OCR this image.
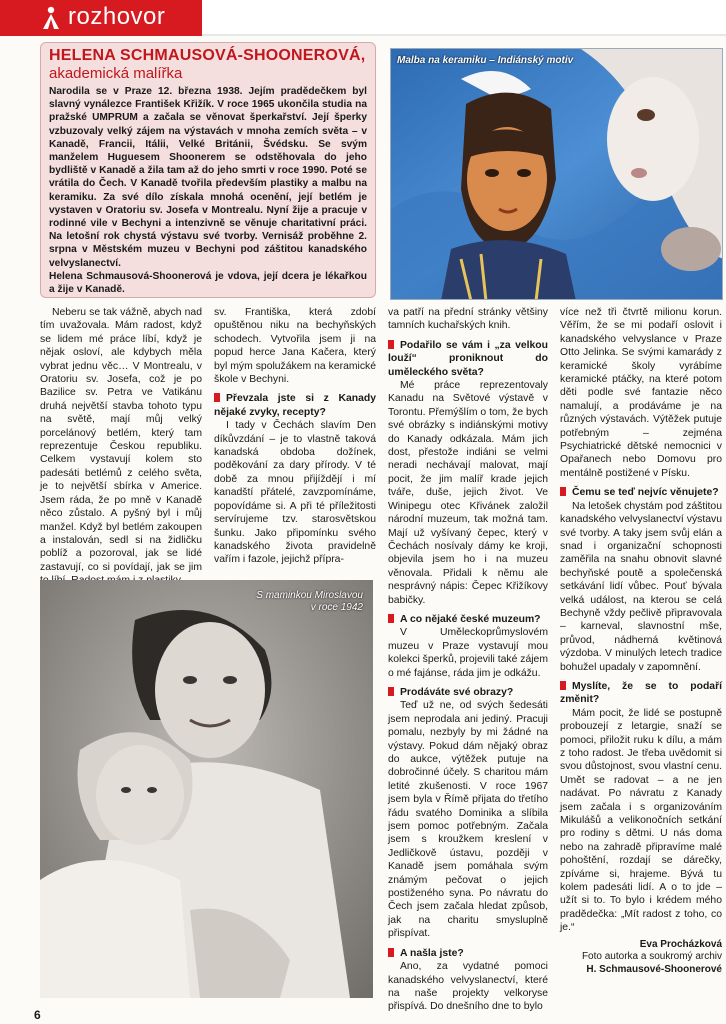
rozhovor
HELENA SCHMAUSOVÁ-SHOONEROVÁ,
akademická malířka

Narodila se v Praze 12. března 1938. Jejím pradědečkem byl slavný vynálezce František Křižík. V roce 1965 ukončila studia na pražské UMPRUM a začala se věnovat šperkařství. Její šperky vzbuzovaly velký zájem na výstavách v mnoha zemích světa – v Kanadě, Francii, Itálii, Velké Británii, Švédsku. Se svým manželem Huguesem Shoonerem se odstěhovala do jeho bydliště v Kanadě a žila tam až do jeho smrti v roce 1990. Poté se vrátila do Čech. V Kanadě tvořila především plastiky a malbu na keramiku. Za své dílo získala mnohá ocenění, její betlém je vystaven v Oratoriu sv. Josefa v Montrealu. Nyní žije a pracuje v rodinné vile v Bechyni a intenzivně se věnuje charitativní práci. Na letošní rok chystá výstavu své tvorby. Vernisáž proběhne 2. srpna v Městském muzeu v Bechyni pod záštitou kanadského velvyslanectví.

Helena Schmausová-Shoonerová je vdova, její dcera je lékařkou a žije v Kanadě.

Malba na keramiku – Indiánský motiv

Neberu se tak vážně, abych nad tím uvažovala. Mám radost, když se lidem mé práce líbí, když je nějak osloví, ale kdybych měla vybrat jednu věc… V Montrealu, v Oratoriu sv. Josefa, což je po Bazilice sv. Petra ve Vatikánu druhá největší stavba tohoto typu na světě, mají můj velký porcelánový betlém, který tam reprezentuje Českou republiku. Celkem vystavují kolem sto padesáti betlémů z celého světa, je to největší sbírka v Americe. Jsem ráda, že po mně v Kanadě něco zůstalo. A pyšný byl i můj manžel. Když byl betlém zakoupen a instalován, sedl si na židličku poblíž a pozoroval, jak se lidé zastavují, co si povídají, jak se jim

sv. Františka, která zdobí opuštěnou niku na bechyňských schodech. Vytvořila jsem ji na popud herce Jana Kačera, který byl mým spolužákem na keramické škole v Bechyni.

Převzala jste si z Kanady nějaké zvyky, recepty?

I tady v Čechách slavím Den díkůvzdání – je to vlastně taková kanadská obdoba dožínek, poděkování za dary přírody. V té době za mnou přijíždějí i mí kanadští přátelé, zavzpomínáme, popovídáme si. A při té příležitosti servírujeme tzv. starosvětskou šunku. Jako připomínku svého kanadského života pravidelně vařím i fazole, jejichž přípra-

S maminkou Miroslavou
v roce 1942

va patří na přední stránky většiny tamních kuchařských knih.

Podařilo se vám i „za velkou louží“ proniknout do uměleckého světa?

Mé práce reprezentovaly Kanadu na Světové výstavě v Torontu. Přemýšlím o tom, že bych své obrázky s indiánskými motivy do Kanady odkázala. Mám jich dost, přestože indiáni se velmi neradi nechávají malovat, mají pocit, že jim malíř krade jejich tváře, duše, jejich život. Ve Winipegu otec Křivánek založil národní muzeum, tak možná tam. Mají už vyšívaný čepec, který v Čechách nosívaly dámy ke kroji, objevila jsem ho i na muzeu věnovala. Přidali k němu ale nesprávný nápis: Čepec Křižíkovy babičky.

A co nějaké české muzeum?

V Uměleckoprůmyslovém muzeu v Praze vystavují mou kolekci šperků, projevili také zájem o mé fajánse, ráda jim je odkážu.

Prodáváte své obrazy?

Teď už ne, od svých šedesáti jsem neprodala ani jediný. Pracuji pomalu, nezbyly by mi žádné na výstavy. Pokud dám nějaký obraz do aukce, výtěžek putuje na dobročinné účely. S charitou mám letité zkušenosti. V roce 1967 jsem byla v Římě přijata do třetího řádu svatého Dominika a slíbila jsem pomoc potřebným. Začala jsem s kroužkem kreslení v Jedličkově ústavu, později v Kanadě jsem pomáhala svým známým pečovat o jejich postiženého syna. Po návratu do Čech jsem začala hledat způsob, jak na charitu smysluplně přispívat.

A našla jste?

Ano, za vydatné pomoci kanadského velvyslanectví, které na naše projekty velkoryse přispívá. Do dnešního dne to bylo

více než tři čtvrtě milionu korun. Věřím, že se mi podaří oslovit i kanadského velvyslance v Praze Otto Jelinka. Se svými kamarády z keramické školy vyrábíme keramické ptáčky, na které potom děti podle své fantazie něco namalují, a prodáváme je na různých výstavách. Výtěžek putuje potřebným – zejména Psychiatrické dětské nemocnici v Opařanech nebo Domovu pro mentálně postižené v Písku.

Čemu se teď nejvíc věnujete?

Na letošek chystám pod záštitou kanadského velvyslanectví výstavu své tvorby. A taky jsem svůj elán a snad i organizační schopnosti zaměřila na snahu obnovit slavné bechyňské poutě a společenská setkávání lidí vůbec. Pouť bývala velká událost, na kterou se celá Bechyně vždy pečlivě připravovala – karneval, slavnostní mše, průvod, nádherná květinová výzdoba. V minulých letech tradice bohužel upadaly v zapomnění.

Myslíte, že se to podaří změnit?

Mám pocit, že lidé se postupně probouzejí z letargie, snaží se pomoci, přiložit ruku k dílu, a mám z toho radost. Je třeba uvědomit si svou důstojnost, svou vlastní cenu. Umět se radovat – a ne jen nadávat. Po návratu z Kanady jsem začala i s organizováním Mikulášů a velikonočních setkání pro rodiny s dětmi. U nás doma nebo na zahradě připravíme malé pohoštění, rozdají se dárečky, zpíváme si, hrajeme. Bývá tu kolem padesáti lidí. A o to jde – užít si to. To bylo i krédem mého pradědečka: „Mít radost z toho, co je.“

Eva Procházková
Foto autorka a soukromý archiv
H. Schmausové-Shoonerové
6
